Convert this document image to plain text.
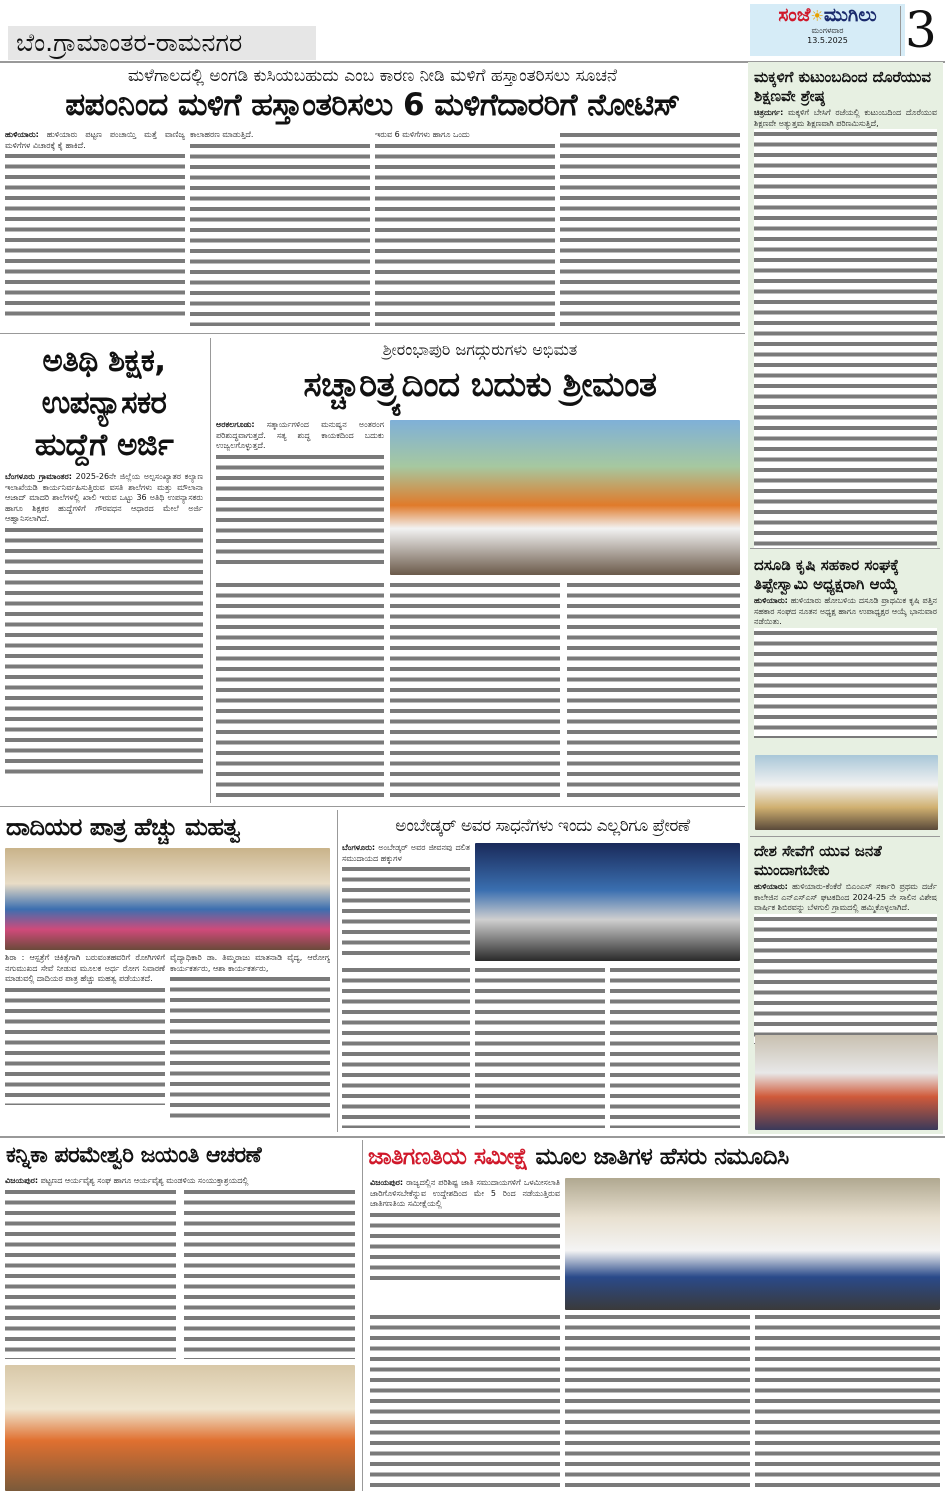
ಬೆಂ.ಗ್ರಾಮಾಂತರ-ರಾಮನಗರ
ಸಂಜೆ☀ಮುಗಿಲು
ಮಂಗಳವಾರ
13.5.2025	3
ಮಳೆಗಾಲದಲ್ಲಿ ಅಂಗಡಿ ಕುಸಿಯಬಹುದು ಎಂಬ ಕಾರಣ ನೀಡಿ ಮಳಿಗೆ ಹಸ್ತಾಂತರಿಸಲು ಸೂಚನೆ
ಪಪಂನಿಂದ ಮಳಿಗೆ ಹಸ್ತಾಂತರಿಸಲು 6 ಮಳಿಗೆದಾರರಿಗೆ ನೋಟಿಸ್
ಹುಳಿಯಾರು: ಹುಳಿಯಾರು ಪಟ್ಟಣ ಪಂಚಾಯ್ತಿ ಮತ್ತೆ ವಾಣಿಜ್ಯ ಮಳಿಗೆಗಳ ವಿಚಾರಕ್ಕೆ ಕೈ ಹಾಕಿದೆ.
ಕಾಲಾಹರಣ ಮಾಡುತ್ತಿದೆ.	ಇರುವ 6 ಮಳಿಗೆಗಳು ಹಾಗೂ ಒಂದು
ಅತಿಥಿ ಶಿಕ್ಷಕ, ಉಪನ್ಯಾಸಕರ ಹುದ್ದೆಗೆ ಅರ್ಜಿ
ಬೆಂಗಳೂರು ಗ್ರಾಮಾಂತರ: 2025-26ನೇ ಜಿಲ್ಲೆಯ ಅಲ್ಪಸಂಖ್ಯಾತರ ಕಲ್ಯಾಣ ಇಲಾಖೆಯಡಿ ಕಾರ್ಯನಿರ್ವಹಿಸುತ್ತಿರುವ ವಸತಿ ಶಾಲೆಗಳು ಮತ್ತು ಮೌಲಾನಾ ಆಜಾದ್ ಮಾದರಿ ಶಾಲೆಗಳಲ್ಲಿ ಖಾಲಿ ಇರುವ ಒಟ್ಟು 36 ಅತಿಥಿ ಉಪನ್ಯಾಸಕರು ಹಾಗೂ ಶಿಕ್ಷಕರ ಹುದ್ದೆಗಳಿಗೆ ಗೌರವಧನ ಆಧಾರದ ಮೇಲೆ ಅರ್ಜಿ ಆಹ್ವಾನಿಸಲಾಗಿದೆ.
ಶ್ರೀರಂಭಾಪುರಿ ಜಗದ್ಗುರುಗಳು ಅಭಿಮತ
ಸಚ್ಚಾರಿತ್ರ್ಯದಿಂದ ಬದುಕು ಶ್ರೀಮಂತ
ಅರಕಲಗೂಡು: ಸತ್ಕಾರ್ಯಗಳಿಂದ ಮನುಷ್ಯನ ಅಂತರಂಗ ಪರಿಶುದ್ಧವಾಗುತ್ತದೆ. ಸತ್ಯ ಶುದ್ಧ ಕಾಯಕದಿಂದ ಬದುಕು ಉಜ್ವಲಗೊಳ್ಳುತ್ತದೆ.
ದಾದಿಯರ ಪಾತ್ರ ಹೆಚ್ಚು ಮಹತ್ವ
ಶಿರಾ : ಆಸ್ಪತ್ರೆಗೆ ಚಿಕಿತ್ಸೆಗಾಗಿ ಬರುವಂತಹವರಿಗೆ ರೋಗಿಗಳಿಗೆ ನಗುಮುಖದ ಸೇವೆ ನೀಡುವ ಮೂಲಕ ಅರ್ಧ ರೋಗ ನಿವಾರಣೆ ಮಾಡುವಲ್ಲಿ ದಾದಿಯರ ಪಾತ್ರ ಹೆಚ್ಚು ಮಹತ್ವ ಪಡೆಯುತದೆ.
ವೈದ್ಯಾಧಿಕಾರಿ ಡಾ. ತಿಮ್ಮರಾಜು ಮಾತನಾಡಿ ವೈದ್ಯ, ಆರೋಗ್ಯ ಕಾರ್ಯಕರ್ತರು, ಆಶಾ ಕಾರ್ಯಕರ್ತರು,
ಅಂಬೇಡ್ಕರ್ ಅವರ ಸಾಧನೆಗಳು ಇಂದು ಎಲ್ಲರಿಗೂ ಪ್ರೇರಣೆ
ಬೆಂಗಳೂರು: ಅಂಬೇಡ್ಕರ್ ಅವರ ಜೀವನವು ದಲಿತ ಸಮುದಾಯದ ಹಕ್ಕುಗಳ
ಮಕ್ಕಳಿಗೆ ಕುಟುಂಬದಿಂದ ದೊರೆಯುವ ಶಿಕ್ಷಣವೇ ಶ್ರೇಷ್ಠ
ಚಿತ್ರದುರ್ಗ: ಮಕ್ಕಳಿಗೆ ಬೇಸಿಗೆ ರಜೆಯಲ್ಲಿ ಕುಟುಂಬದಿಂದ ದೊರೆಯುವ ಶಿಕ್ಷಣವೇ ಅತ್ಯುತ್ತಮ ಶಿಕ್ಷಣವಾಗಿ ಪರಿಣಮಿಸುತ್ತಿದೆ,
ದಸೂಡಿ ಕೃಷಿ ಸಹಕಾರ ಸಂಘಕ್ಕೆ ತಿಪ್ಪೇಸ್ವಾಮಿ ಅಧ್ಯಕ್ಷರಾಗಿ ಆಯ್ಕೆ
ಹುಳಿಯಾರು: ಹುಳಿಯಾರು ಹೋಬಳಿಯ ದಸೂಡಿ ಪ್ರಾಥಮಿಕ ಕೃಷಿ ಪತ್ತಿನ ಸಹಕಾರ ಸಂಘದ ನೂತನ ಅಧ್ಯಕ್ಷ ಹಾಗೂ ಉಪಾಧ್ಯಕ್ಷರ ಆಯ್ಕೆ ಭಾನುವಾರ ನಡೆಯಿತು.
ದೇಶ ಸೇವೆಗೆ ಯುವ ಜನತೆ ಮುಂದಾಗಬೇಕು
ಹುಳಿಯಾರು: ಹುಳಿಯಾರು-ಕೆಂಕೆರೆ ಬಿಎಂಎಸ್ ಸರ್ಕಾರಿ ಪ್ರಥಮ ದರ್ಜೆ ಕಾಲೇಜಿನ ಎನ್ಎಸ್ಎಸ್ ಘಟಕದಿಂದ 2024-25 ನೇ ಸಾಲಿನ ವಿಶೇಷ ವಾರ್ಷಿಕ ಶಿಬಿರವನ್ನು ಬೆಳಗುಲಿ ಗ್ರಾಮದಲ್ಲಿ ಹಮ್ಮಿಕೊಳ್ಳಲಾಗಿದೆ.
ಕನ್ನಿಕಾ ಪರಮೇಶ್ವರಿ ಜಯಂತಿ ಆಚರಣೆ
ವಿಜಯಪುರ: ಪಟ್ಟಣದ ಆರ್ಯವೈಶ್ಯ ಸಂಘ ಹಾಗೂ ಆರ್ಯವೈಶ್ಯ ಮಂಡಳಿಯ ಸಂಯುಕ್ತಾಶ್ರಯದಲ್ಲಿ
ಜಾತಿಗಣತಿಯ ಸಮೀಕ್ಷೆ ಮೂಲ ಜಾತಿಗಳ ಹೆಸರು ನಮೂದಿಸಿ
ವಿಜಯಪುರ: ರಾಜ್ಯದಲ್ಲಿನ ಪರಿಶಿಷ್ಟ ಜಾತಿ ಸಮುದಾಯಗಳಿಗೆ ಒಳಮೀಸಲಾತಿ ಜಾರಿಗೊಳಿಸಬೇಕೆನ್ನುವ ಉದ್ದೇಶದಿಂದ ಮೇ 5 ರಿಂದ ನಡೆಯುತ್ತಿರುವ ಜಾತಿಗಣತಿಯ ಸಮೀಕ್ಷೆಯಲ್ಲಿ
